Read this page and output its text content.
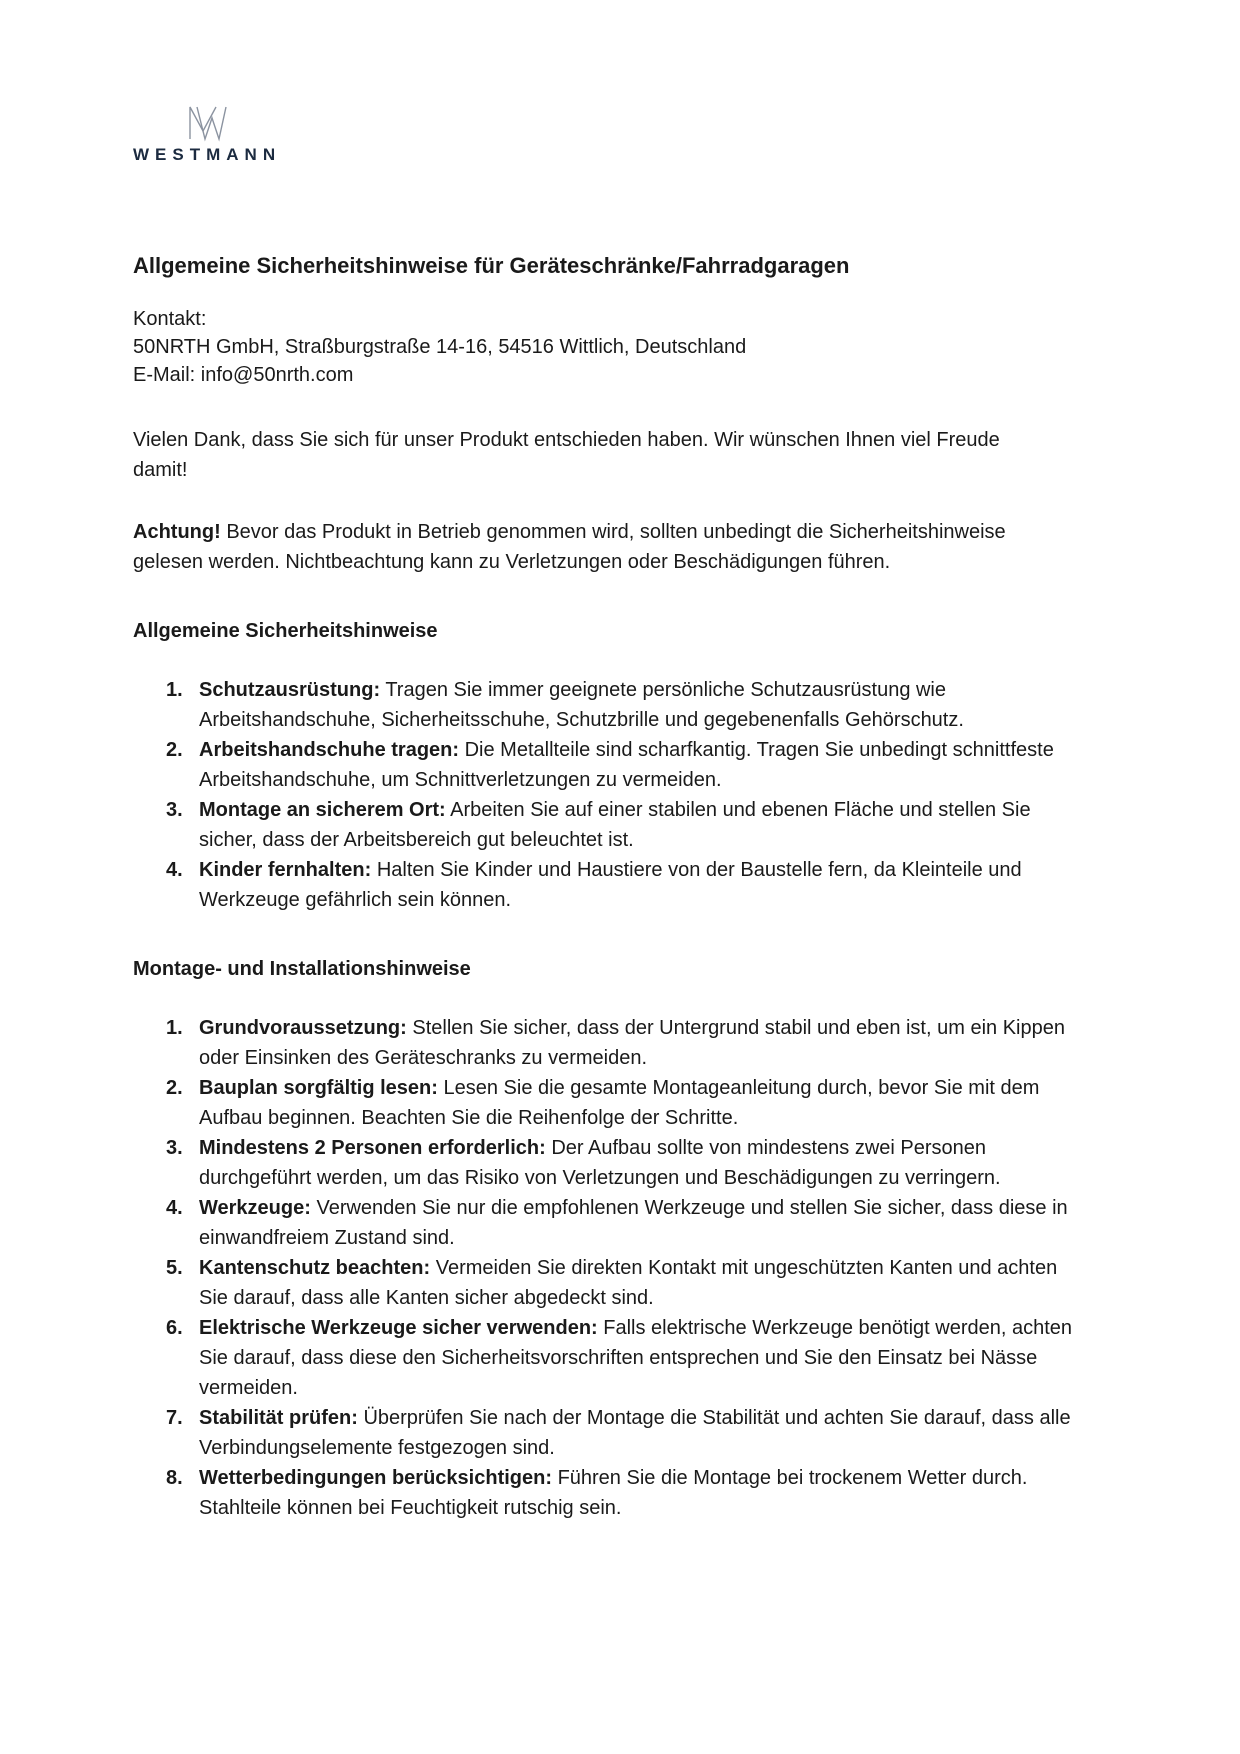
WESTMANN
Allgemeine Sicherheitshinweise für Geräteschränke/Fahrradgaragen
Kontakt:
50NRTH GmbH, Straßburgstraße 14-16, 54516 Wittlich, Deutschland
E-Mail: info@50nrth.com

Vielen Dank, dass Sie sich für unser Produkt entschieden haben. Wir wünschen Ihnen viel Freude damit!

Achtung! Bevor das Produkt in Betrieb genommen wird, sollten unbedingt die Sicherheitshinweise gelesen werden. Nichtbeachtung kann zu Verletzungen oder Beschädigungen führen.

Allgemeine Sicherheitshinweise
Schutzausrüstung: Tragen Sie immer geeignete persönliche Schutzausrüstung wie Arbeitshandschuhe, Sicherheitsschuhe, Schutzbrille und gegebenenfalls Gehörschutz.
Arbeitshandschuhe tragen: Die Metallteile sind scharfkantig. Tragen Sie unbedingt schnittfeste Arbeitshandschuhe, um Schnittverletzungen zu vermeiden.
Montage an sicherem Ort: Arbeiten Sie auf einer stabilen und ebenen Fläche und stellen Sie sicher, dass der Arbeitsbereich gut beleuchtet ist.
Kinder fernhalten: Halten Sie Kinder und Haustiere von der Baustelle fern, da Kleinteile und Werkzeuge gefährlich sein können.
Montage- und Installationshinweise
Grundvoraussetzung: Stellen Sie sicher, dass der Untergrund stabil und eben ist, um ein Kippen oder Einsinken des Geräteschranks zu vermeiden.
Bauplan sorgfältig lesen: Lesen Sie die gesamte Montageanleitung durch, bevor Sie mit dem Aufbau beginnen. Beachten Sie die Reihenfolge der Schritte.
Mindestens 2 Personen erforderlich: Der Aufbau sollte von mindestens zwei Personen durchgeführt werden, um das Risiko von Verletzungen und Beschädigungen zu verringern.
Werkzeuge: Verwenden Sie nur die empfohlenen Werkzeuge und stellen Sie sicher, dass diese in einwandfreiem Zustand sind.
Kantenschutz beachten: Vermeiden Sie direkten Kontakt mit ungeschützten Kanten und achten Sie darauf, dass alle Kanten sicher abgedeckt sind.
Elektrische Werkzeuge sicher verwenden: Falls elektrische Werkzeuge benötigt werden, achten Sie darauf, dass diese den Sicherheitsvorschriften entsprechen und Sie den Einsatz bei Nässe vermeiden.
Stabilität prüfen: Überprüfen Sie nach der Montage die Stabilität und achten Sie darauf, dass alle Verbindungselemente festgezogen sind.
Wetterbedingungen berücksichtigen: Führen Sie die Montage bei trockenem Wetter durch. Stahlteile können bei Feuchtigkeit rutschig sein.
